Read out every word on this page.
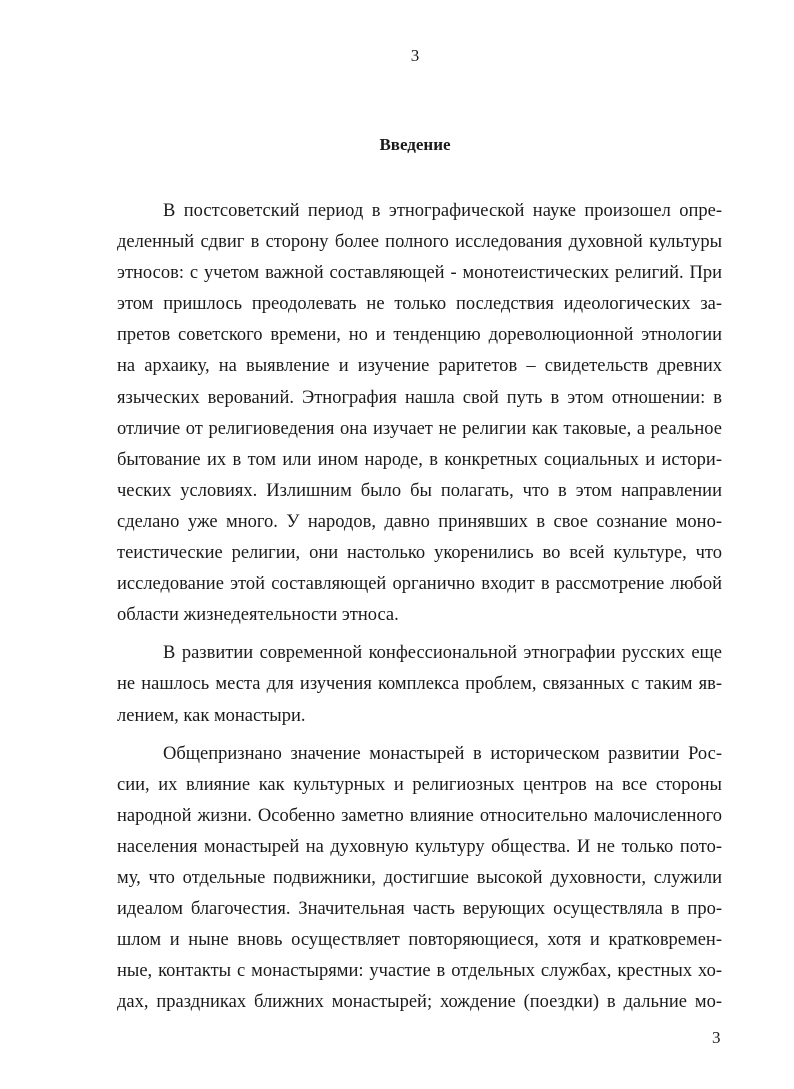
3
Введение
В постсоветский период в этнографической науке произошел опре-
деленный сдвиг в сторону более полного исследования духовной культуры
этносов: с учетом важной составляющей - монотеистических религий. При
этом пришлось преодолевать не только последствия идеологических за-
претов советского времени, но и тенденцию дореволюционной этнологии
на архаику, на выявление и изучение раритетов – свидетельств древних
языческих верований. Этнография нашла свой путь в этом отношении: в
отличие от религиоведения она изучает не религии как таковые, а реальное
бытование их в том или ином народе, в конкретных социальных и истори-
ческих условиях. Излишним было бы полагать, что в этом направлении
сделано уже много. У народов, давно принявших в свое сознание моно-
теистические религии, они настолько укоренились во всей культуре, что
исследование этой составляющей органично входит в рассмотрение любой
области жизнедеятельности этноса.
В развитии современной конфессиональной этнографии русских еще
не нашлось места для изучения комплекса проблем, связанных с таким яв-
лением, как монастыри.
Общепризнано значение монастырей в историческом развитии Рос-
сии, их влияние как культурных и религиозных центров на все стороны
народной жизни. Особенно заметно влияние относительно малочисленного
населения монастырей на духовную культуру общества. И не только пото-
му, что отдельные подвижники, достигшие высокой духовности, служили
идеалом благочестия. Значительная часть верующих осуществляла в про-
шлом и ныне вновь осуществляет повторяющиеся, хотя и кратковремен-
ные, контакты с монастырями: участие в отдельных службах, крестных хо-
дах, праздниках ближних монастырей; хождение (поездки) в дальние мо-
3
